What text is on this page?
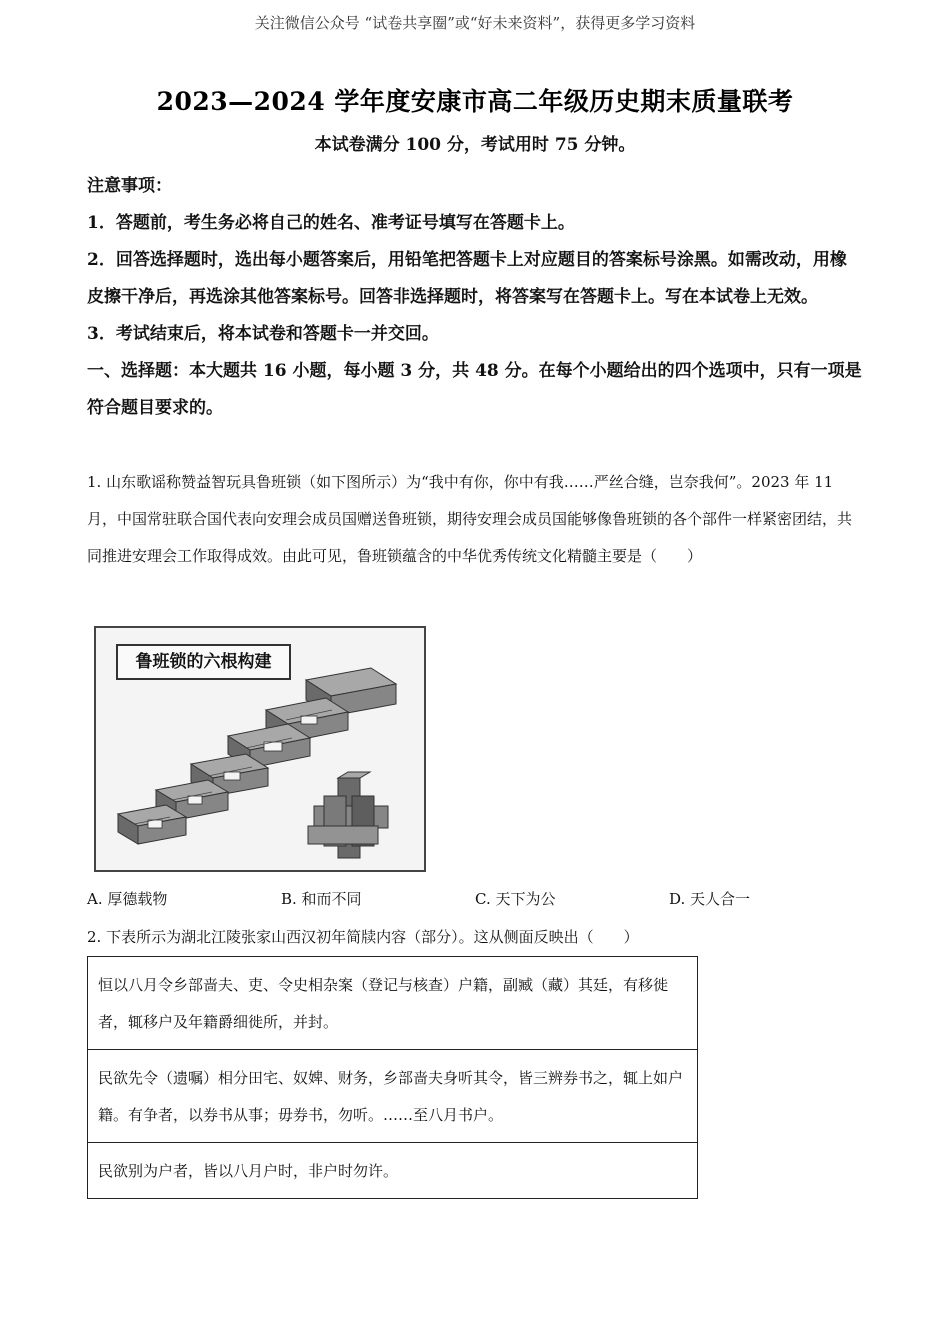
关注微信公众号 “试卷共享圈”或“好未来资料”，获得更多学习资料
2023—2024 学年度安康市高二年级历史期末质量联考
本试卷满分 100 分，考试用时 75 分钟。

注意事项：

1．答题前，考生务必将自己的姓名、准考证号填写在答题卡上。

2．回答选择题时，选出每小题答案后，用铅笔把答题卡上对应题目的答案标号涂黑。如需改动，用橡皮擦干净后，再选涂其他答案标号。回答非选择题时，将答案写在答题卡上。写在本试卷上无效。

3．考试结束后，将本试卷和答题卡一并交回。

一、选择题：本大题共 16 小题，每小题 3 分，共 48 分。在每个小题给出的四个选项中，只有一项是符合题目要求的。

1. 山东歌谣称赞益智玩具鲁班锁（如下图所示）为“我中有你，你中有我……严丝合缝，岂奈我何”。2023 年 11 月，中国常驻联合国代表向安理会成员国赠送鲁班锁，期待安理会成员国能够像鲁班锁的各个部件一样紧密团结，共同推进安理会工作取得成效。由此可见，鲁班锁蕴含的中华优秀传统文化精髓主要是（　　）

鲁班锁的六根构建
A. 厚德载物	B. 和而不同	C. 天下为公	D. 天人合一
2. 下表所示为湖北江陵张家山西汉初年简牍内容（部分）。这从侧面反映出（　　）
恒以八月令乡部啬夫、吏、令史相杂案（登记与核查）户籍，副臧（藏）其廷，有移徙者，辄移户及年籍爵细徙所，并封。
民欲先令（遗嘱）相分田宅、奴婢、财务，乡部啬夫身听其令，皆三辨券书之，辄上如户籍。有争者，以券书从事；毋券书，勿听。……至八月书户。
民欲别为户者，皆以八月户时，非户时勿许。
